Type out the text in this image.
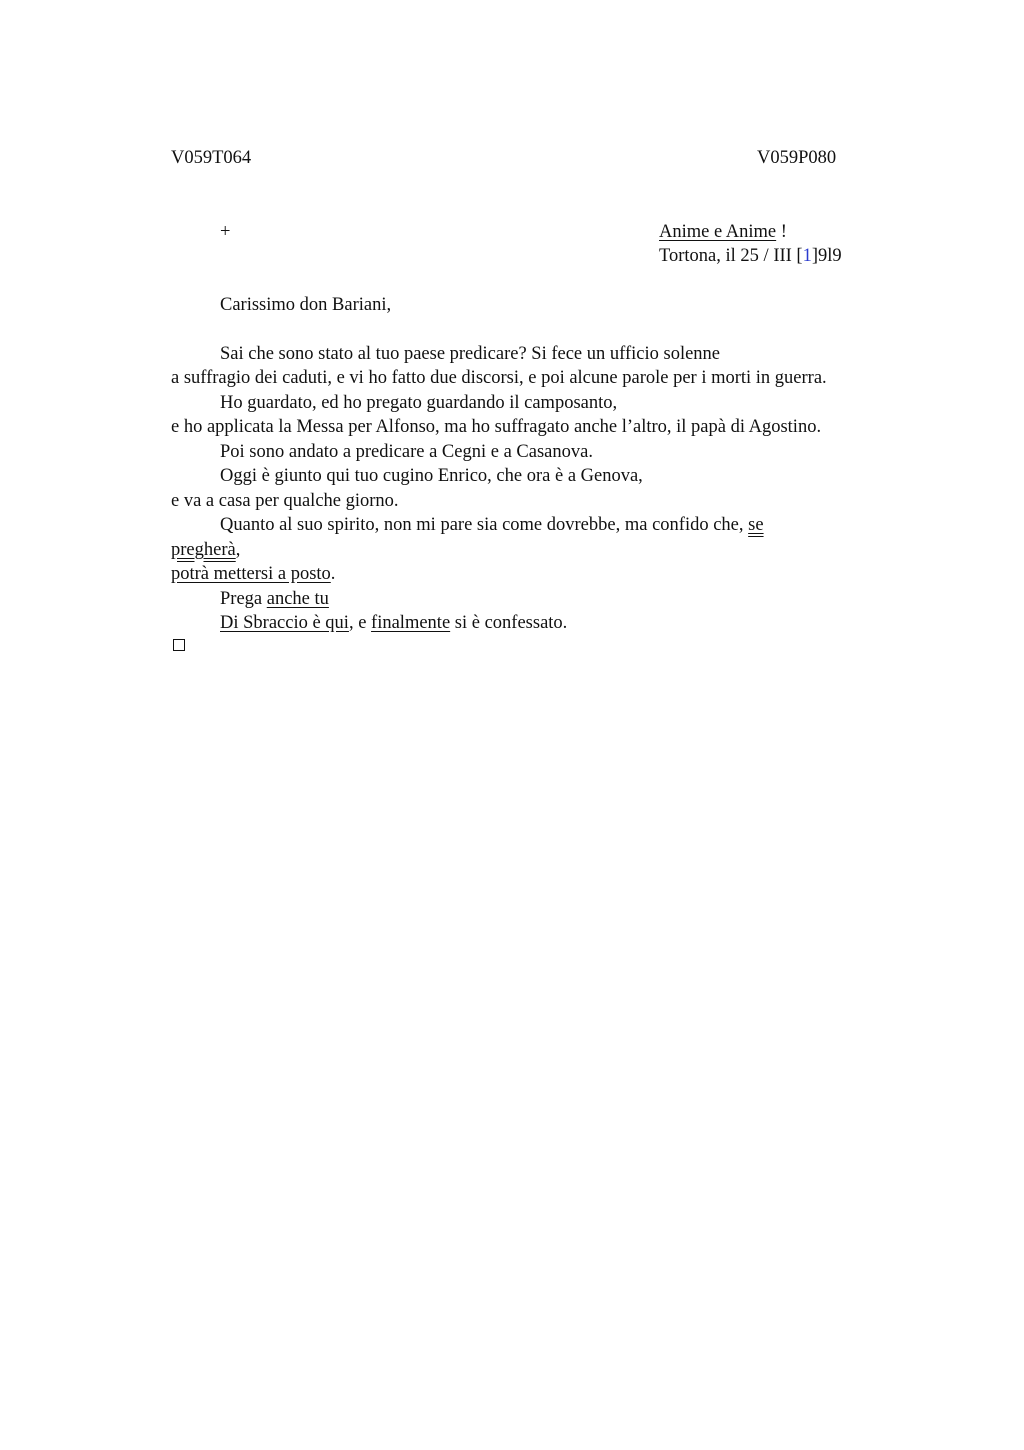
V059T064	V059P080
+	Anime e Anime !
Tortona, il 25 / III [1]9l9
Carissimo don Bariani,
Sai che sono stato al tuo paese predicare? Si fece un ufficio solenne
a suffragio dei caduti, e vi ho fatto due discorsi, e poi alcune parole per i morti in guerra.
Ho guardato, ed ho pregato guardando il camposanto,
e ho applicata la Messa per Alfonso, ma ho suffragato anche l’altro, il papà di Agostino.
Poi sono andato a predicare a Cegni e a Casanova.
Oggi è giunto qui tuo cugino Enrico, che ora è a Genova,
e va a casa per qualche giorno.
Quanto al suo spirito, non mi pare sia come dovrebbe, ma confido che, se
pregherà,
potrà mettersi a posto.
Prega anche tu
Di Sbraccio è qui, e finalmente si è confessato.
